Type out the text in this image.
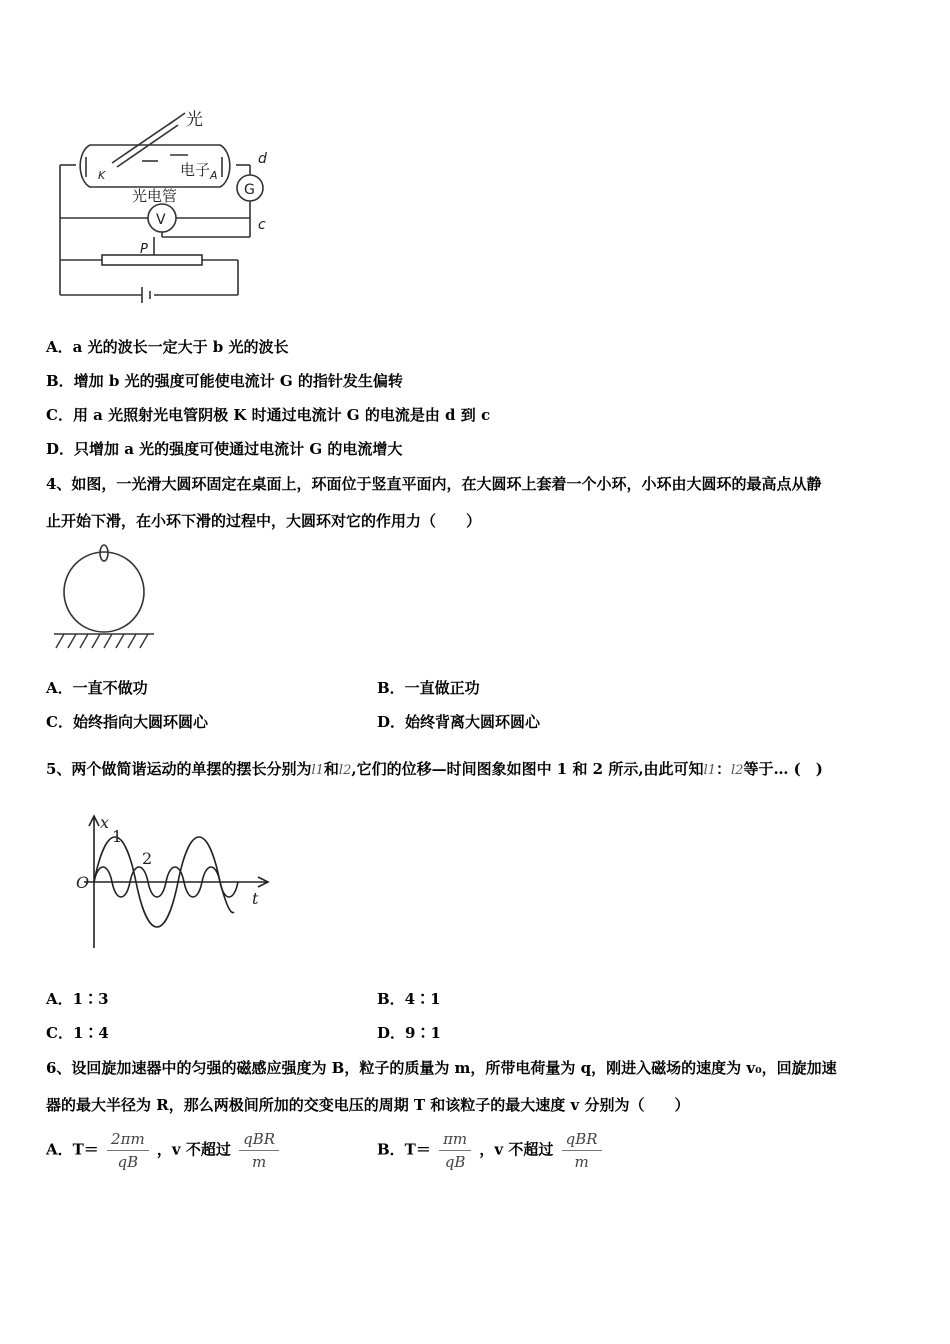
光
电子
光电管
K	A
d
c
P
G
V
A．a 光的波长一定大于 b 光的波长
B．增加 b 光的强度可能使电流计 G 的指针发生偏转
C．用 a 光照射光电管阴极 K 时通过电流计 G 的电流是由 d 到 c
D．只增加 a 光的强度可使通过电流计 G 的电流增大
4、如图，一光滑大圆环固定在桌面上，环面位于竖直平面内，在大圆环上套着一个小环，小环由大圆环的最高点从静
止开始下滑，在小环下滑的过程中，大圆环对它的作用力（　　）
A．一直不做功	B．一直做正功
C．始终指向大圆环圆心	D．始终背离大圆环圆心
5、两个做简谐运动的单摆的摆长分别为l1和l2,它们的位移—时间图象如图中 1 和 2 所示,由此可知l1：l2等于… (　)
x
t
O
1
2
A．1∶3	B．4∶1
C．1∶4	D．9∶1
6、设回旋加速器中的匀强的磁感应强度为 B，粒子的质量为 m，所带电荷量为 q，刚进入磁场的速度为 v₀，回旋加速
器的最大半径为 R，那么两极间所加的交变电压的周期 T 和该粒子的最大速度 v 分别为（　　）
A．$T= \frac{2\pi m}{qB}$ ，v 不超过 $\frac{\text{qBR}}{m}$	B．$T= \frac{\pi m}{qB}$ ，v 不超过 $\frac{\text{qBR}}{m}$
